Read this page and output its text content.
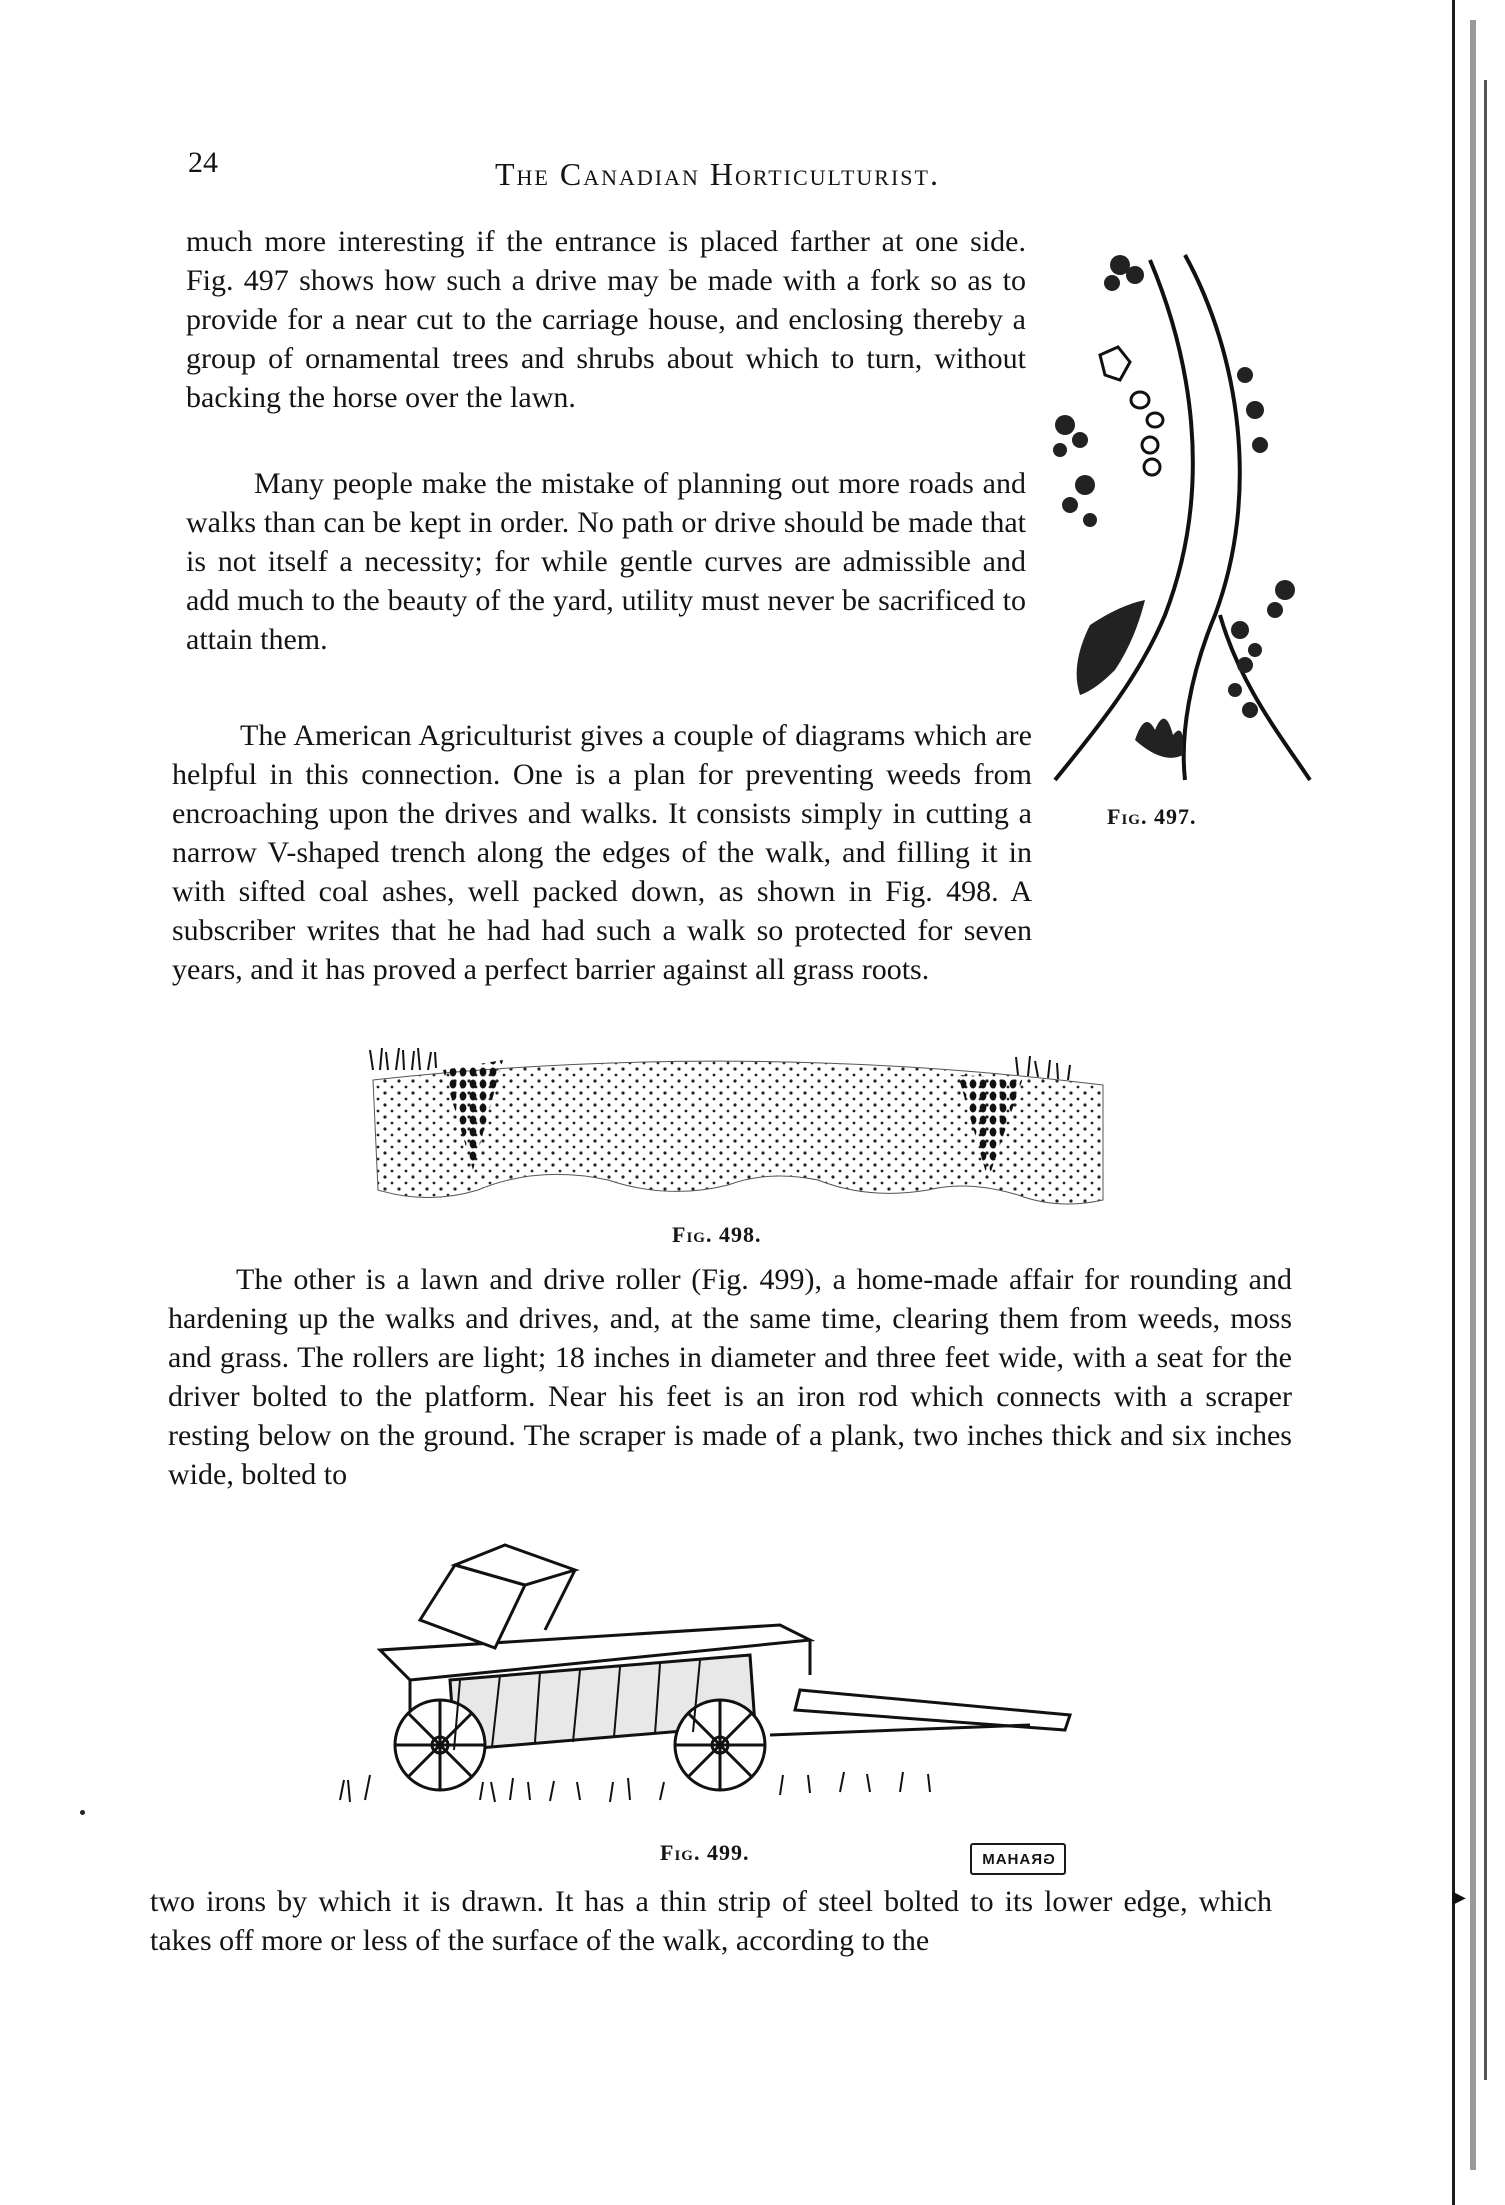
24	The Canadian Horticulturist.
Fig. 497.

much more interesting if the entrance is placed farther at one side. Fig. 497 shows how such a drive may be made with a fork so as to provide for a near cut to the carriage house, and enclosing thereby a group of ornamental trees and shrubs about which to turn, without backing the horse over the lawn.

Many people make the mistake of planning out more roads and walks than can be kept in order. No path or drive should be made that is not itself a necessity; for while gentle curves are admissible and add much to the beauty of the yard, utility must never be sacrificed to attain them.

The American Agriculturist gives a couple of diagrams which are helpful in this connection. One is a plan for preventing weeds from encroaching upon the drives and walks. It consists simply in cutting a narrow V-shaped trench along the edges of the walk, and filling it in with sifted coal ashes, well packed down, as shown in Fig. 498. A subscriber writes that he had had such a walk so protected for seven years, and it has proved a perfect barrier against all grass roots.

Fig. 498.

The other is a lawn and drive roller (Fig. 499), a home-made affair for rounding and hardening up the walks and drives, and, at the same time, clearing them from weeds, moss and grass. The rollers are light; 18 inches in diameter and three feet wide, with a seat for the driver bolted to the platform. Near his feet is an iron rod which connects with a scraper resting below on the ground. The scraper is made of a plank, two inches thick and six inches wide, bolted to

Fig. 499.	GRAHAM

two irons by which it is drawn. It has a thin strip of steel bolted to its lower edge, which takes off more or less of the surface of the walk, according to the

▶
